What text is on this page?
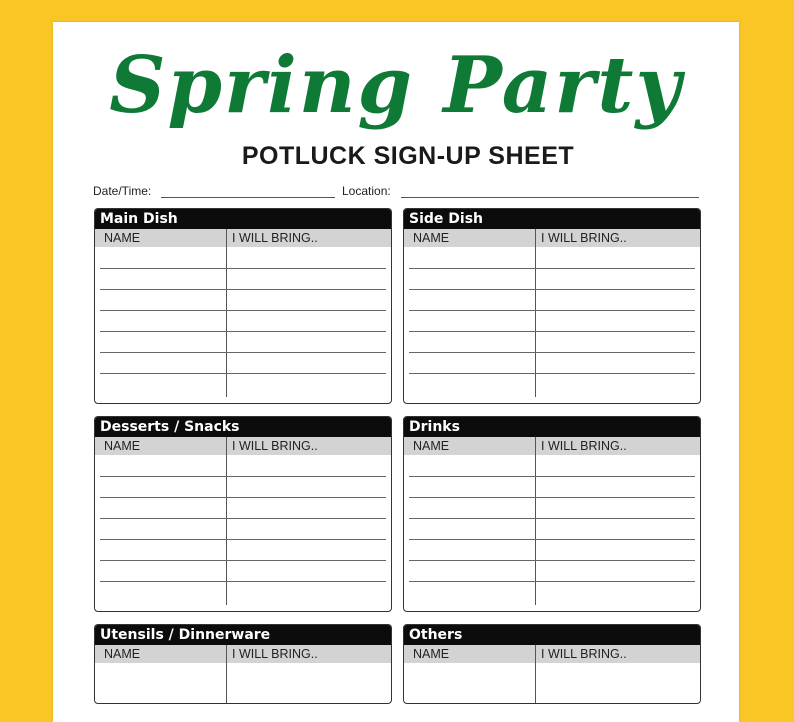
Spring Party
POTLUCK SIGN-UP SHEET
Date/Time:	Location:
Main Dish
NAME	I WILL BRING..
Side Dish
NAME	I WILL BRING..
Desserts / Snacks
NAME	I WILL BRING..
Drinks
NAME	I WILL BRING..
Utensils / Dinnerware
NAME	I WILL BRING..
Others
NAME	I WILL BRING..
